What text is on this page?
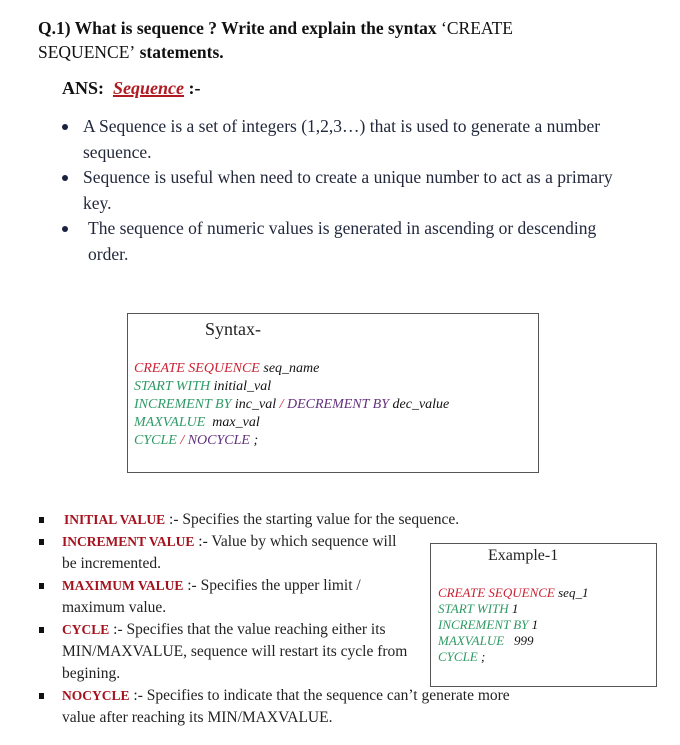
Q.1) What is sequence ? Write and explain the syntax ‘CREATE
SEQUENCE’ statements.
ANS: Sequence :-
A Sequence is a set of integers (1,2,3…) that is used to generate a number sequence.
Sequence is useful when need to create a unique number to act as a primary key.
The sequence of numeric values is generated in ascending or descending order.
Syntax-
CREATE SEQUENCE seq_name
START WITH initial_val
INCREMENT BY inc_val / DECREMENT BY dec_value
MAXVALUE  max_val
CYCLE / NOCYCLE ;
INITIAL VALUE :- Specifies the starting value for the sequence.
INCREMENT VALUE :- Value by which sequence will be incremented.
MAXIMUM VALUE :- Specifies the upper limit / maximum value.
CYCLE :- Specifies that the value reaching either its MIN/MAXVALUE, sequence will restart its cycle from begining.
NOCYCLE :- Specifies to indicate that the sequence can’t generate more value after reaching its MIN/MAXVALUE.
Example-1
CREATE SEQUENCE seq_1
START WITH 1
INCREMENT BY 1
MAXVALUE   999
CYCLE ;
